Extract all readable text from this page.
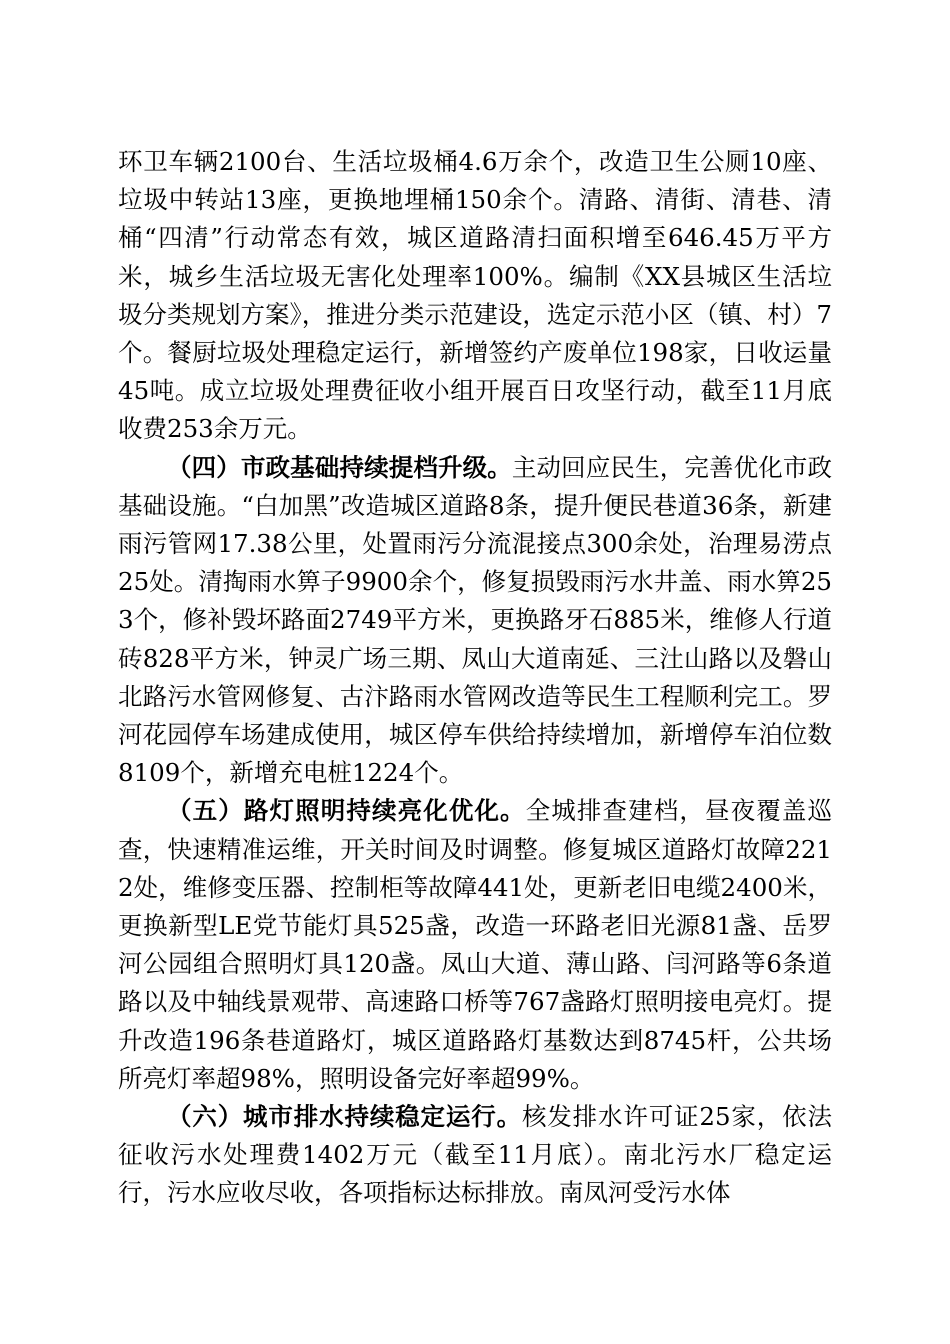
环卫车辆2100台、生活垃圾桶4.6万余个，改造卫生公厕10座、垃圾中转站13座，更换地埋桶150余个。清路、清街、清巷、清桶“四清”行动常态有效，城区道路清扫面积增至646.45万平方米，城乡生活垃圾无害化处理率100%。编制《XX县城区生活垃圾分类规划方案》，推进分类示范建设，选定示范小区（镇、村）7个。餐厨垃圾处理稳定运行，新增签约产废单位198家，日收运量45吨。成立垃圾处理费征收小组开展百日攻坚行动，截至11月底收费253余万元。

（四）市政基础持续提档升级。主动回应民生，完善优化市政基础设施。“白加黑”改造城区道路8条，提升便民巷道36条，新建雨污管网17.38公里，处置雨污分流混接点300余处，治理易涝点25处。清掏雨水箅子9900余个，修复损毁雨污水井盖、雨水箅253个，修补毁坏路面2749平方米，更换路牙石885米，维修人行道砖828平方米，钟灵广场三期、凤山大道南延、三汢山路以及磐山北路污水管网修复、古汴路雨水管网改造等民生工程顺利完工。罗河花园停车场建成使用，城区停车供给持续增加，新增停车泊位数8109个，新增充电桩1224个。

（五）路灯照明持续亮化优化。全城排查建档，昼夜覆盖巡查，快速精准运维，开关时间及时调整。修复城区道路灯故障2212处，维修变压器、控制柜等故障441处，更新老旧电缆2400米，更换新型LE党节能灯具525盏，改造一环路老旧光源81盏、岳罗河公园组合照明灯具120盏。凤山大道、薄山路、闫河路等6条道路以及中轴线景观带、高速路口桥等767盏路灯照明接电亮灯。提升改造196条巷道路灯，城区道路路灯基数达到8745杆，公共场所亮灯率超98%，照明设备完好率超99%。

（六）城市排水持续稳定运行。核发排水许可证25家，依法征收污水处理费1402万元（截至11月底）。南北污水厂稳定运行，污水应收尽收，各项指标达标排放。南凤河受污水体
